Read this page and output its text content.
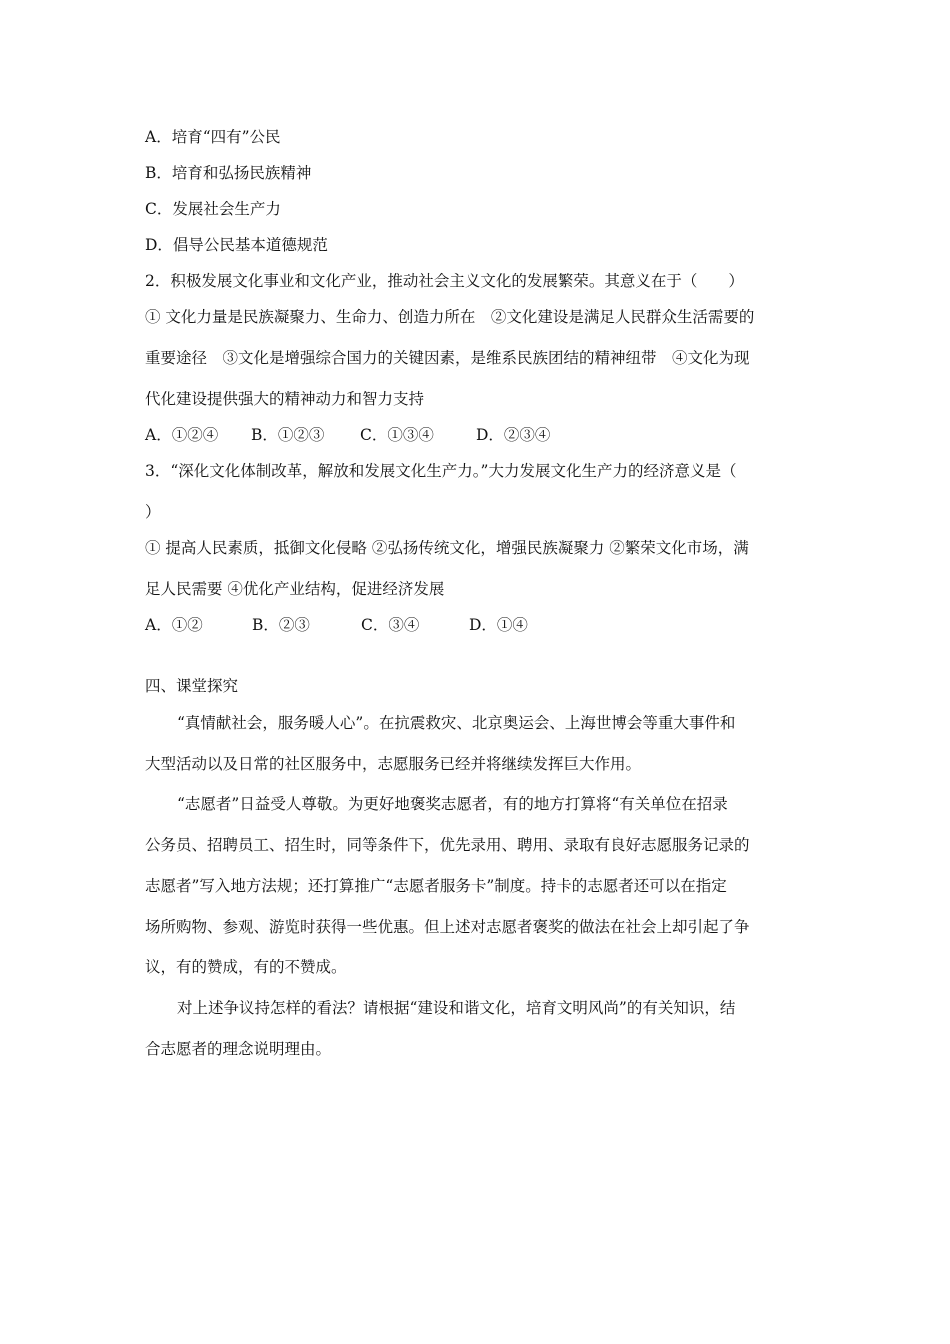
A．培育“四有”公民
B．培育和弘扬民族精神
C．发展社会生产力
D．倡导公民基本道德规范
2．积极发展文化事业和文化产业，推动社会主义文化的发展繁荣。其意义在于（　　）
① 文化力量是民族凝聚力、生命力、创造力所在　②文化建设是满足人民群众生活需要的
重要途径　③文化是增强综合国力的关键因素，是维系民族团结的精神纽带　④文化为现
代化建设提供强大的精神动力和智力支持
A．①②④ B．①②③ C．①③④	D．②③④
3．“深化文化体制改革，解放和发展文化生产力。”大力发展文化生产力的经济意义是（
）
① 提高人民素质，抵御文化侵略 ②弘扬传统文化，增强民族凝聚力 ②繁荣文化市场，满
足人民需要 ④优化产业结构，促进经济发展
A．①②	B．②③	C．③④	D．①④
四、课堂探究
“真情献社会，服务暖人心”。在抗震救灾、北京奥运会、上海世博会等重大事件和
大型活动以及日常的社区服务中，志愿服务已经并将继续发挥巨大作用。
“志愿者”日益受人尊敬。为更好地褒奖志愿者，有的地方打算将“有关单位在招录
公务员、招聘员工、招生时，同等条件下，优先录用、聘用、录取有良好志愿服务记录的
志愿者”写入地方法规；还打算推广“志愿者服务卡”制度。持卡的志愿者还可以在指定
场所购物、参观、游览时获得一些优惠。但上述对志愿者褒奖的做法在社会上却引起了争
议，有的赞成，有的不赞成。
对上述争议持怎样的看法？请根据“建设和谐文化，培育文明风尚”的有关知识，结
合志愿者的理念说明理由。
